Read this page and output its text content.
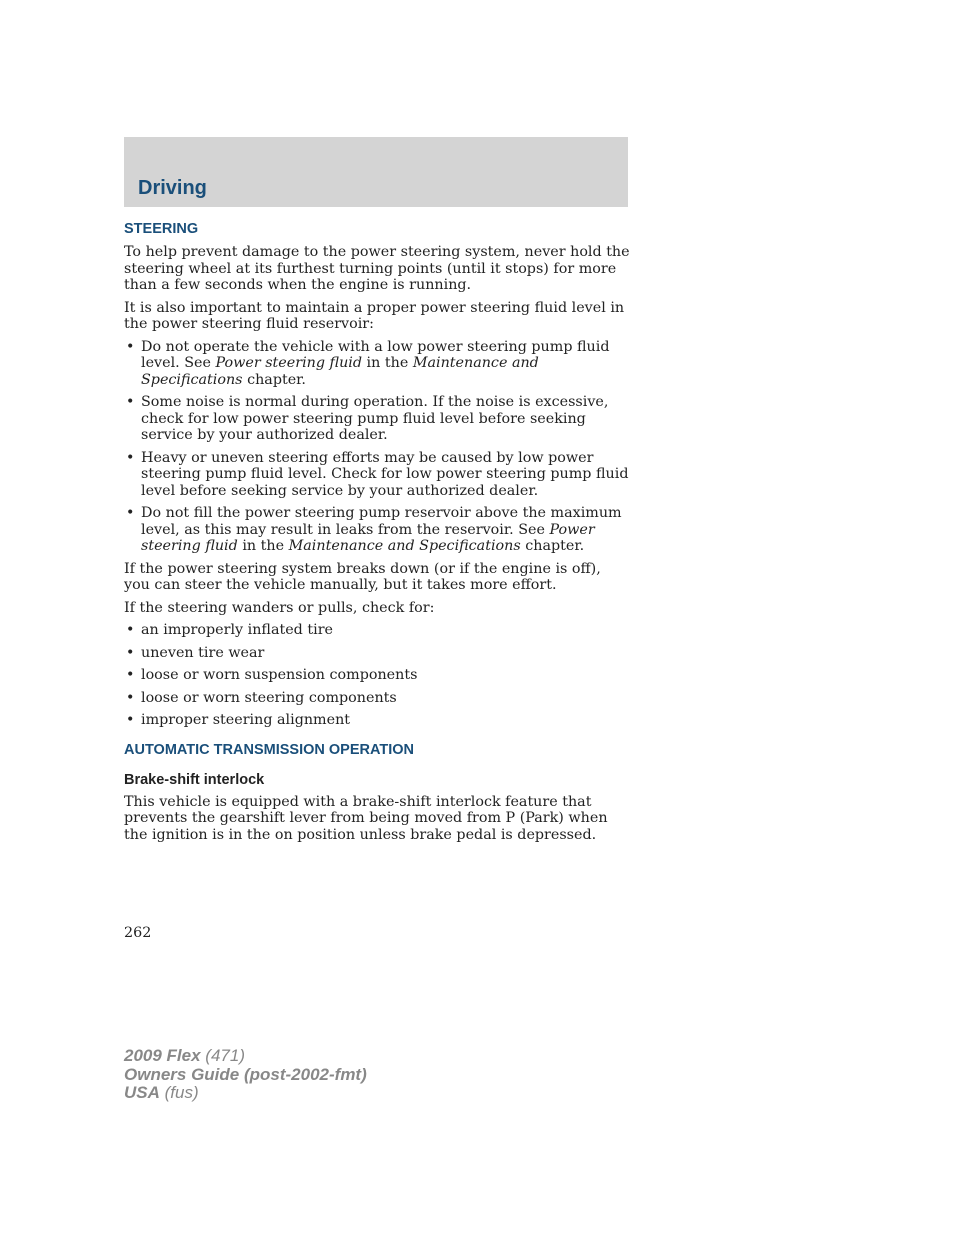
Driving
STEERING

To help prevent damage to the power steering system, never hold the steering wheel at its furthest turning points (until it stops) for more than a few seconds when the engine is running.

It is also important to maintain a proper power steering fluid level in the power steering fluid reservoir:

• Do not operate the vehicle with a low power steering pump fluid level. See Power steering fluid in the Maintenance and Specifications chapter.
• Some noise is normal during operation. If the noise is excessive, check for low power steering pump fluid level before seeking service by your authorized dealer.
• Heavy or uneven steering efforts may be caused by low power steering pump fluid level. Check for low power steering pump fluid level before seeking service by your authorized dealer.
• Do not fill the power steering pump reservoir above the maximum level, as this may result in leaks from the reservoir. See Power steering fluid in the Maintenance and Specifications chapter.

If the power steering system breaks down (or if the engine is off), you can steer the vehicle manually, but it takes more effort.

If the steering wanders or pulls, check for:

• an improperly inflated tire
• uneven tire wear
• loose or worn suspension components
• loose or worn steering components
• improper steering alignment
AUTOMATIC TRANSMISSION OPERATION
Brake-shift interlock

This vehicle is equipped with a brake-shift interlock feature that prevents the gearshift lever from being moved from P (Park) when the ignition is in the on position unless brake pedal is depressed.

262
2009 Flex (471)
Owners Guide (post-2002-fmt)
USA (fus)
